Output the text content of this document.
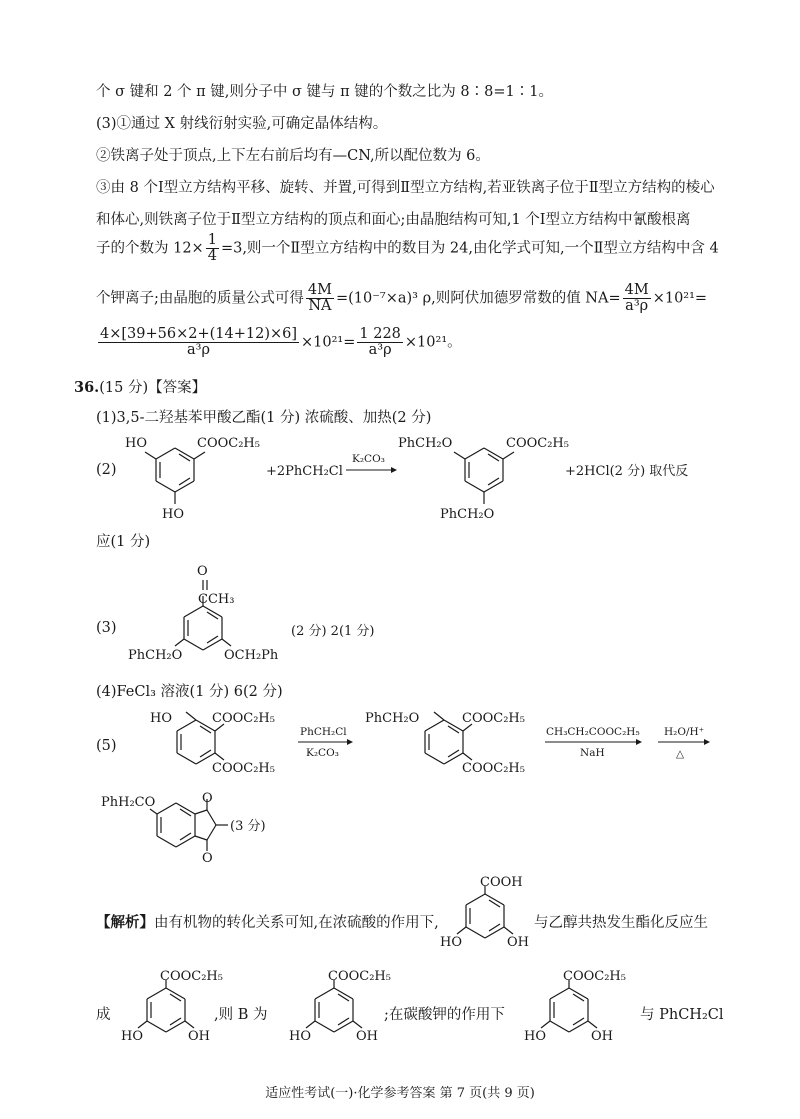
个 σ 键和 2 个 π 键,则分子中 σ 键与 π 键的个数之比为 8∶8=1∶1。
(3)①通过 X 射线衍射实验,可确定晶体结构。
②铁离子处于顶点,上下左右前后均有—CN,所以配位数为 6。
③由 8 个Ⅰ型立方结构平移、旋转、并置,可得到Ⅱ型立方结构,若亚铁离子位于Ⅱ型立方结构的棱心
和体心,则铁离子位于Ⅱ型立方结构的顶点和面心;由晶胞结构可知,1 个Ⅰ型立方结构中氰酸根离
子的个数为 $12\times \frac{1}{4} =3$,则一个Ⅱ型立方结构中的数目为 24,由化学式可知,一个Ⅱ型立方结构中含 4
个钾离子;由晶胞的质量公式可得 $\frac{4M}{NA} =(10^{-7}\times a)^3$ ρ,则阿伏加德罗常数的值 $NA= \frac{4M}{\text{a³ρ}} \times 10^{21}=$
$\frac{4\times[39+56\times 2+(14+12)\times 6]}{\text{a³ρ}} \times 10^{21}= \frac{1 228}{\text{a³ρ}} \times 10^{21}$。
36.(15 分)【答案】
(1)3,5-二羟基苯甲酸乙酯(1 分) 浓硫酸、加热(2 分)
(2)
HO	COOC₂H₅
HO
+2PhCH₂Cl
K₂CO₃
PhCH₂O	COOC₂H₅
PhCH₂O
+2HCl(2 分) 取代反
应(1 分)
(3)
O
CCH₃
PhCH₂O	OCH₂Ph
(2 分) 2(1 分)
(4)FeCl₃ 溶液(1 分) 6(2 分)
(5)
HO	COOC₂H₅
COOC₂H₅
PhCH₂Cl
K₂CO₃
PhCH₂O	COOC₂H₅
COOC₂H₅
CH₃CH₂COOC₂H₅
NaH
H₂O/H⁺
△
PhH₂CO	O
O
(3 分)
【解析】由有机物的转化关系可知,在浓硫酸的作用下,	与乙醇共热发生酯化反应生
COOH
HO	OH
COOC₂H₅
HO	OH
COOC₂H₅
HO	OH
COOC₂H₅
HO	OH
成	,则 B 为	;在碳酸钾的作用下	与 PhCH₂Cl
适应性考试(一)·化学参考答案 第 7 页(共 9 页)
